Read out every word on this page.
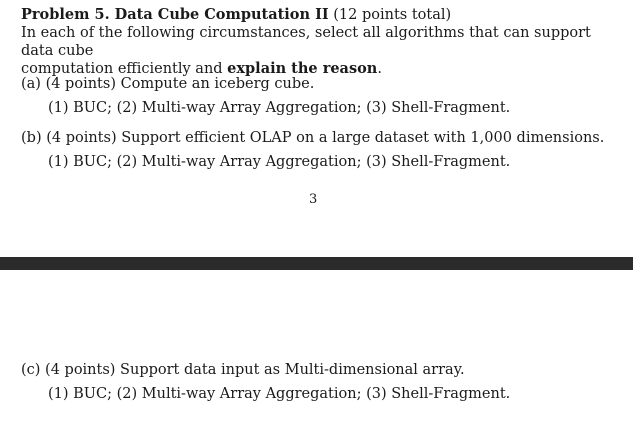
Problem 5. Data Cube Computation II (12 points total)
In each of the following circumstances, select all algorithms that can support data cube
computation efficiently and explain the reason.
(a) (4 points) Compute an iceberg cube.
(1) BUC; (2) Multi-way Array Aggregation; (3) Shell-Fragment.
(b) (4 points) Support efficient OLAP on a large dataset with 1,000 dimensions.
(1) BUC; (2) Multi-way Array Aggregation; (3) Shell-Fragment.
3
(c) (4 points) Support data input as Multi-dimensional array.
(1) BUC; (2) Multi-way Array Aggregation; (3) Shell-Fragment.
